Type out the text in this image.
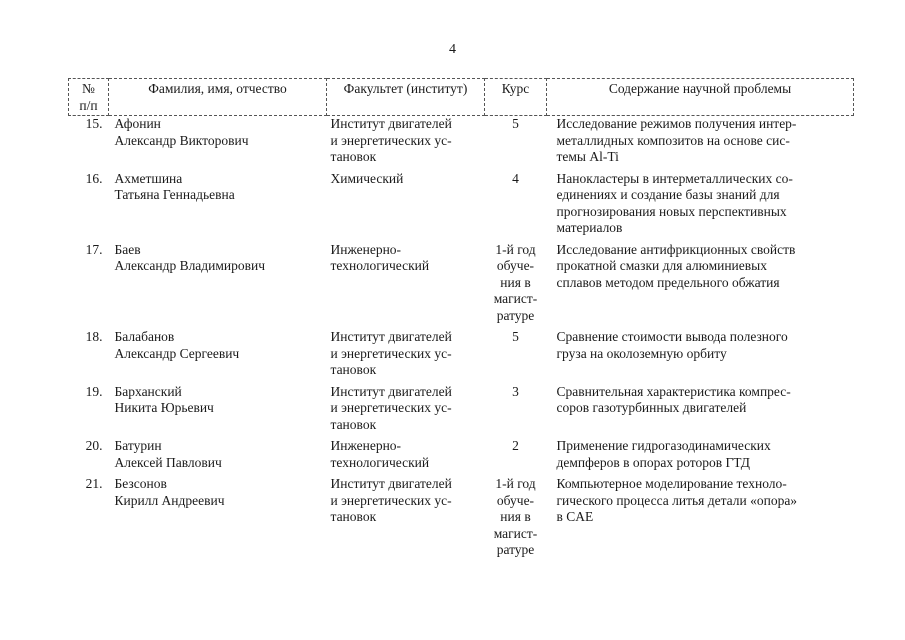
4
№
п/п	Фамилия, имя, отчество	Факультет (институт)	Курс	Содержание научной проблемы
15.	Афонин
Александр Викторович	Институт двигателей
и энергетических ус-
тановок	5	Исследование режимов получения интер-
металлидных композитов на основе сис-
темы Al-Ti

16.	Ахметшина
Татьяна Геннадьевна	Химический	4	Нанокластеры в интерметаллических со-
единениях и создание базы знаний для
прогнозирования новых перспективных
материалов

17.	Баев
Александр Владимирович	Инженерно-
технологический	1-й год
обуче-
ния в
магист-
ратуре	Исследование антифрикционных свойств
прокатной смазки для алюминиевых
сплавов методом предельного обжатия

18.	Балабанов
Александр Сергеевич	Институт двигателей
и энергетических ус-
тановок	5	Сравнение стоимости вывода полезного
груза на околоземную орбиту

19.	Барханский
Никита Юрьевич	Институт двигателей
и энергетических ус-
тановок	3	Сравнительная характеристика компрес-
соров газотурбинных двигателей

20.	Батурин
Алексей Павлович	Инженерно-
технологический	2	Применение гидрогазодинамических
демпферов в опорах роторов ГТД

21.	Безсонов
Кирилл Андреевич	Институт двигателей
и энергетических ус-
тановок	1-й год
обуче-
ния в
магист-
ратуре	Компьютерное моделирование техноло-
гического процесса литья детали «опора»
в CAE
